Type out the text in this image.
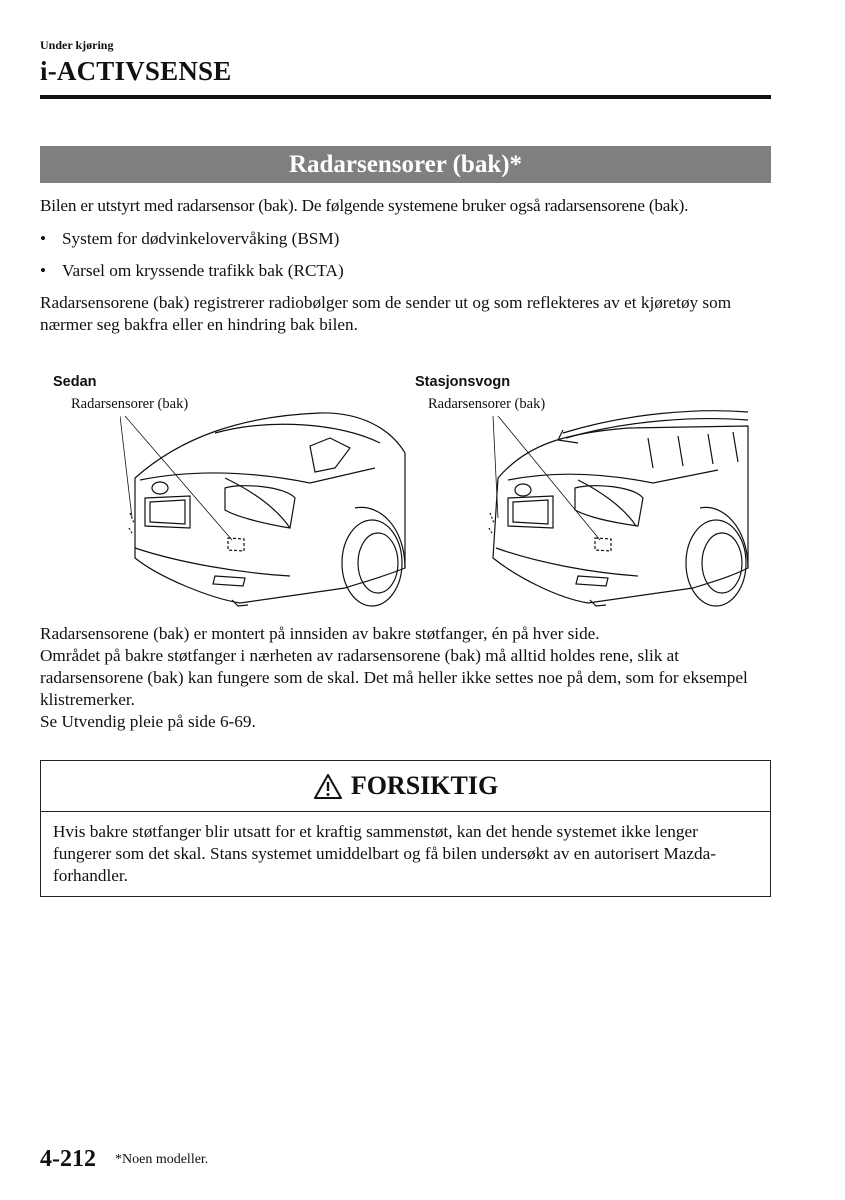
Under kjøring
i-ACTIVSENSE
Radarsensorer (bak)*
Bilen er utstyrt med radarsensor (bak). De følgende systemene bruker også radarsensorene (bak).
• System for dødvinkelovervåking (BSM)
• Varsel om kryssende trafikk bak (RCTA)
Radarsensorene (bak) registrerer radiobølger som de sender ut og som reflekteres av et kjøretøy som nærmer seg bakfra eller en hindring bak bilen.
Sedan
Radarsensorer (bak)
Stasjonsvogn
Radarsensorer (bak)
Radarsensorene (bak) er montert på innsiden av bakre støtfanger, én på hver side.
Området på bakre støtfanger i nærheten av radarsensorene (bak) må alltid holdes rene, slik at radarsensorene (bak) kan fungere som de skal. Det må heller ikke settes noe på dem, som for eksempel klistremerker.
Se Utvendig pleie på side 6-69.
FORSIKTIG
Hvis bakre støtfanger blir utsatt for et kraftig sammenstøt, kan det hende systemet ikke lenger fungerer som det skal. Stans systemet umiddelbart og få bilen undersøkt av en autorisert Mazda-forhandler.
4-212 *Noen modeller.
